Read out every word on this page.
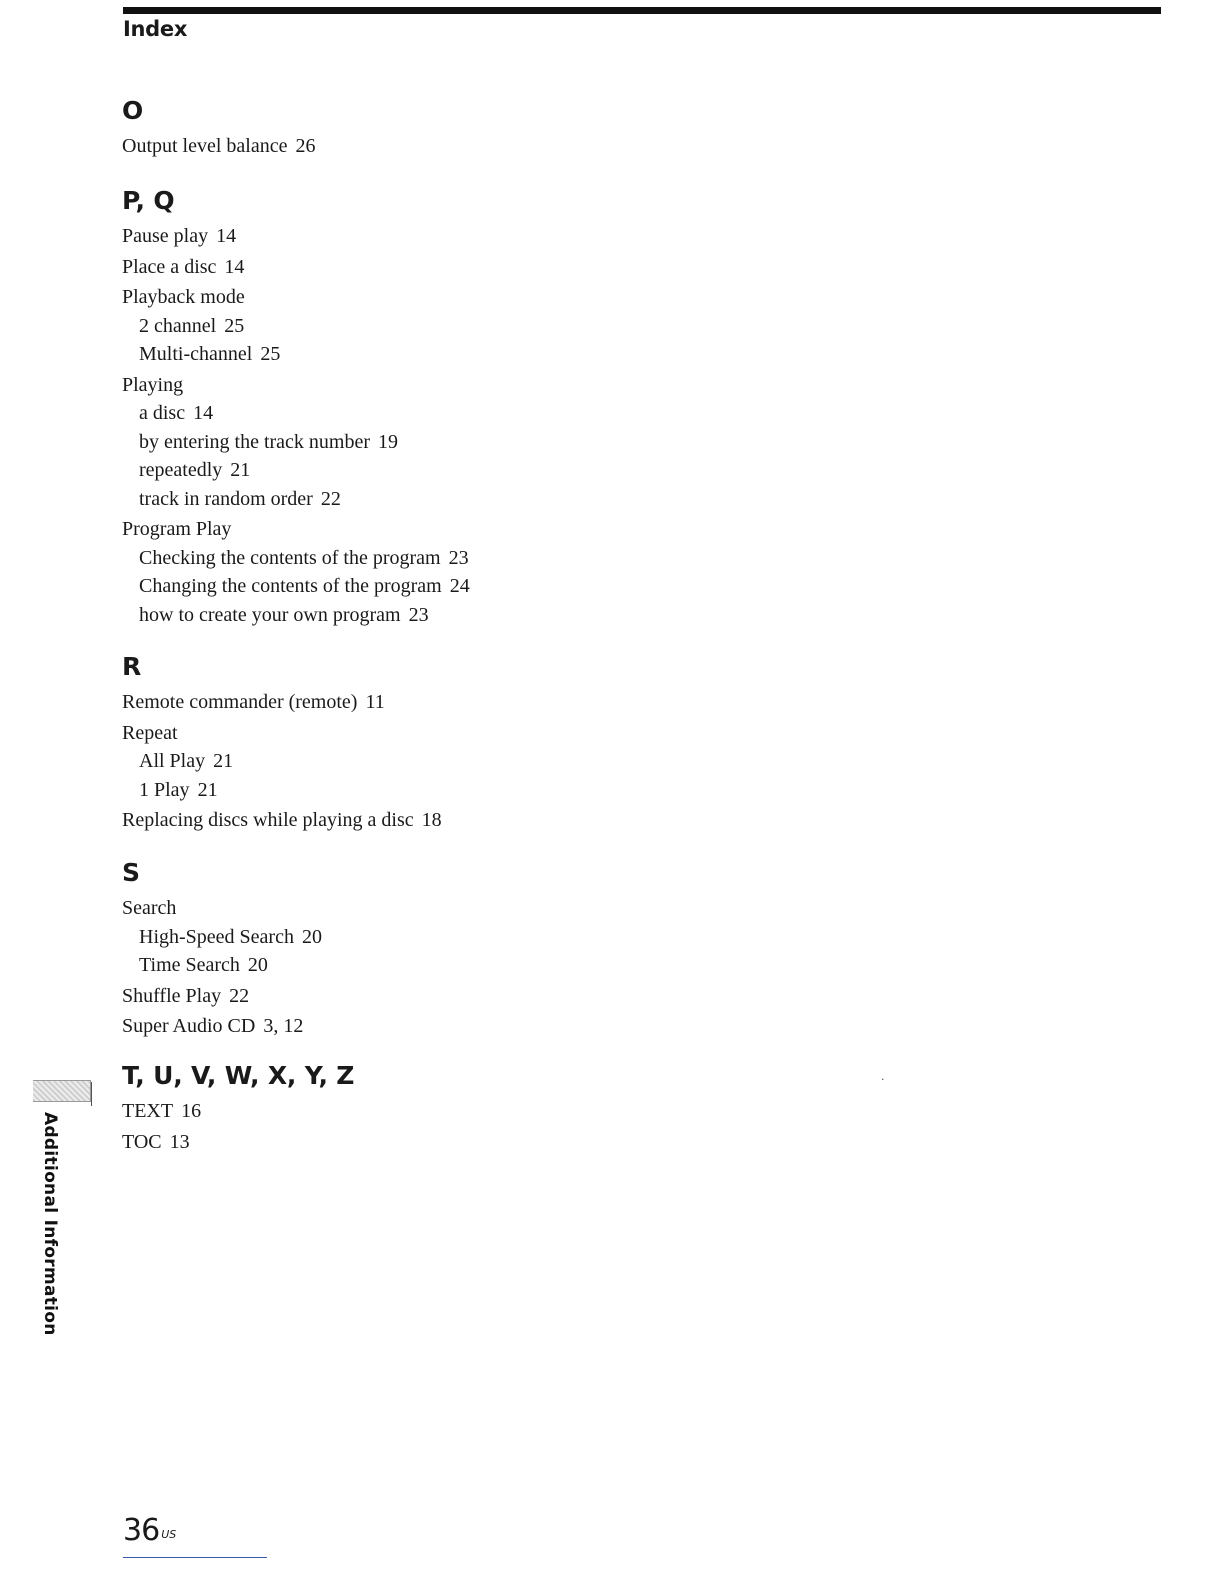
Index
O
Output level balance 26
P, Q
Pause play 14
Place a disc 14
Playback mode
2 channel 25
Multi-channel 25
Playing
a disc 14
by entering the track number 19
repeatedly 21
track in random order 22
Program Play
Checking the contents of the program 23
Changing the contents of the program 24
how to create your own program 23
R
Remote commander (remote) 11
Repeat
All Play 21
1 Play 21
Replacing discs while playing a disc 18
S
Search
High-Speed Search 20
Time Search 20
Shuffle Play 22
Super Audio CD 3, 12
T, U, V, W, X, Y, Z
TEXT 16
TOC 13
·
Additional Information
36 $^{US}$
